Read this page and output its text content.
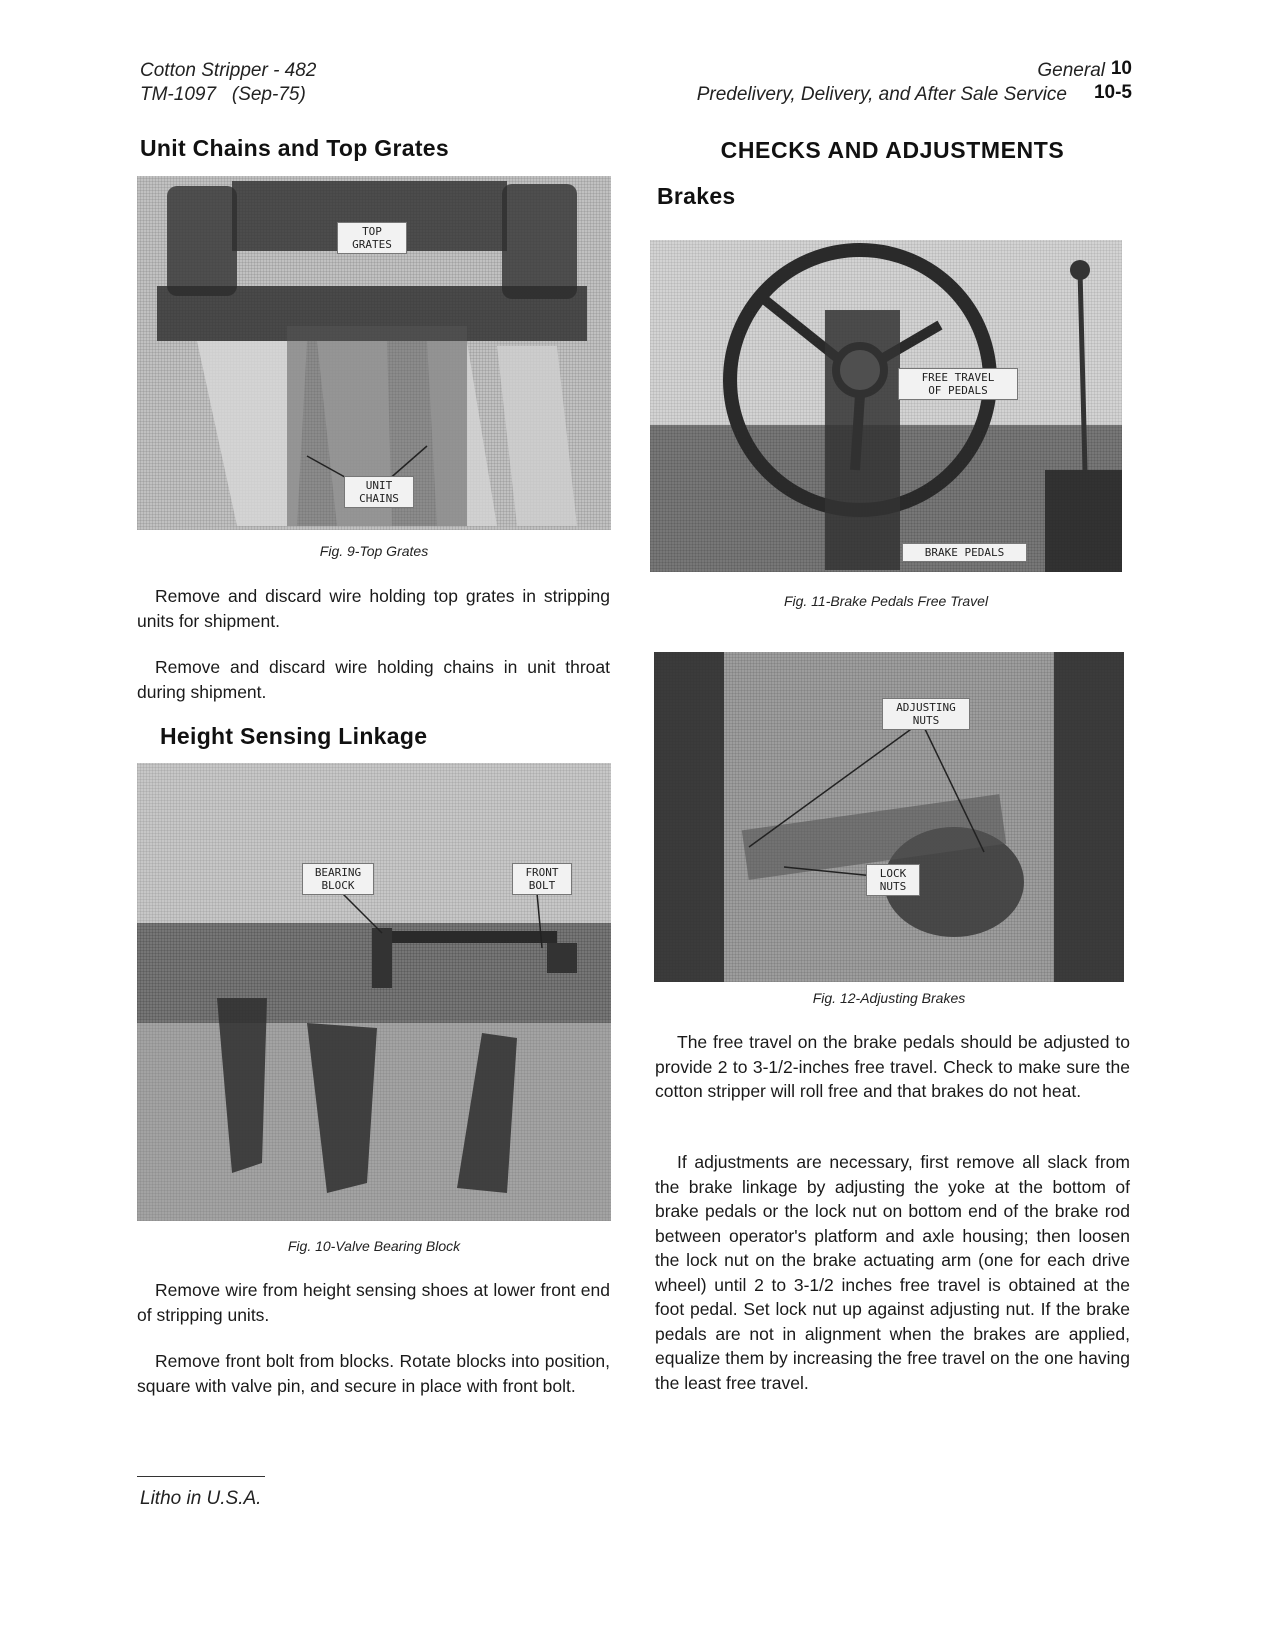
Cotton Stripper - 482
TM-1097   (Sep-75)
General 10
Predelivery, Delivery, and After Sale Service	10-5
Unit Chains and Top Grates
TOP
GRATES
UNIT
CHAINS
Fig. 9-Top Grates
Remove and discard wire holding top grates in stripping units for shipment.
Remove and discard wire holding chains in unit throat during shipment.
Height Sensing Linkage
BEARING
BLOCK
FRONT
BOLT
Fig. 10-Valve Bearing Block
Remove wire from height sensing shoes at lower front end of stripping units.
Remove front bolt from blocks. Rotate blocks into position, square with valve pin, and secure in place with front bolt.
CHECKS AND ADJUSTMENTS
Brakes
FREE TRAVEL
OF PEDALS
BRAKE PEDALS
Fig. 11-Brake Pedals Free Travel
ADJUSTING
NUTS
LOCK
NUTS
Fig. 12-Adjusting Brakes
The free travel on the brake pedals should be adjusted to provide 2 to 3-1/2-inches free travel. Check to make sure the cotton stripper will roll free and that brakes do not heat.
If adjustments are necessary, first remove all slack from the brake linkage by adjusting the yoke at the bottom of brake pedals or the lock nut on bottom end of the brake rod between operator's platform and axle housing; then loosen the lock nut on the brake actuating arm (one for each drive wheel) until 2 to 3-1/2 inches free travel is obtained at the foot pedal. Set lock nut up against adjusting nut. If the brake pedals are not in alignment when the brakes are applied, equalize them by increasing the free travel on the one having the least free travel.
Litho in U.S.A.
